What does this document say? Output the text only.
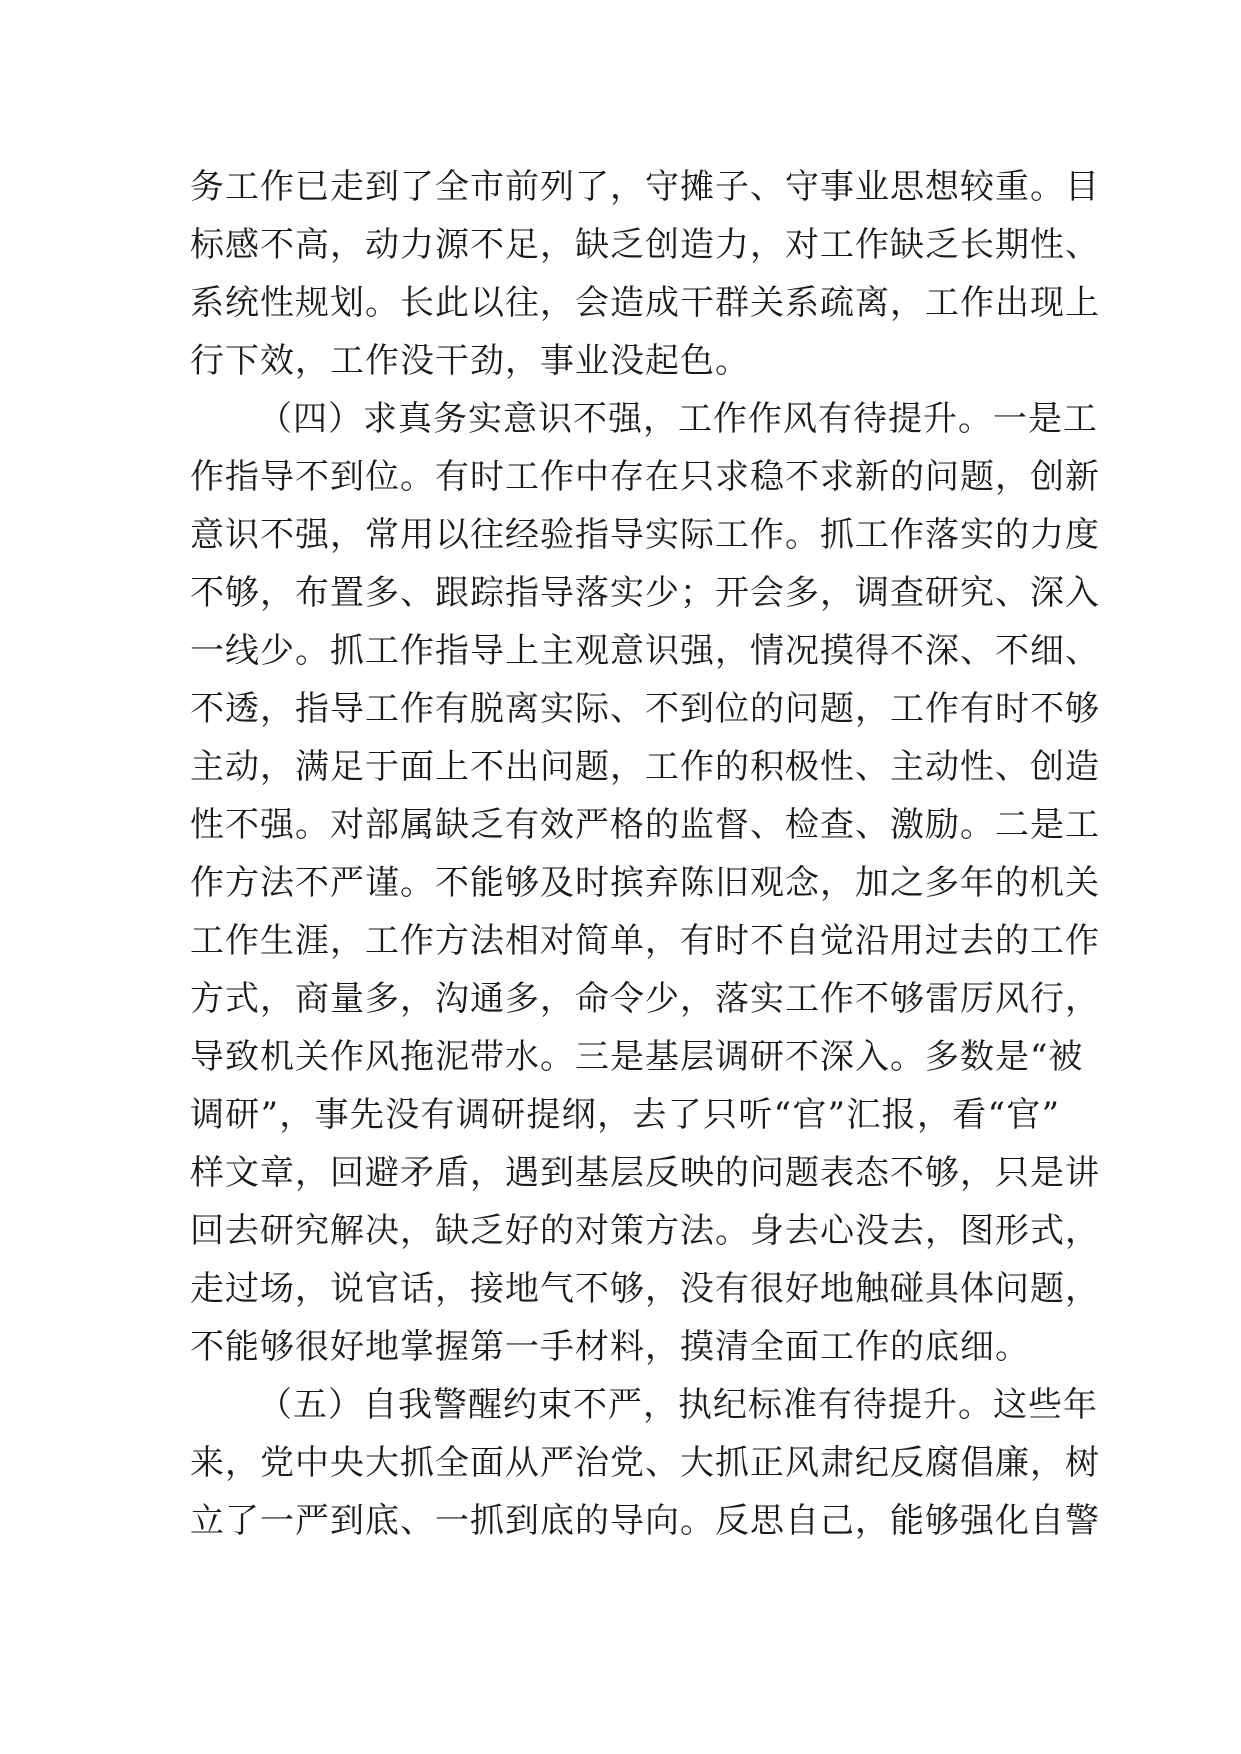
务工作已走到了全市前列了，守摊子、守事业思想较重。目
标感不高，动力源不足，缺乏创造力，对工作缺乏长期性、
系统性规划。长此以往，会造成干群关系疏离，工作出现上
行下效，工作没干劲，事业没起色。
（四）求真务实意识不强，工作作风有待提升。一是工
作指导不到位。有时工作中存在只求稳不求新的问题，创新
意识不强，常用以往经验指导实际工作。抓工作落实的力度
不够，布置多、跟踪指导落实少；开会多，调查研究、深入
一线少。抓工作指导上主观意识强，情况摸得不深、不细、
不透，指导工作有脱离实际、不到位的问题，工作有时不够
主动，满足于面上不出问题，工作的积极性、主动性、创造
性不强。对部属缺乏有效严格的监督、检查、激励。二是工
作方法不严谨。不能够及时摈弃陈旧观念，加之多年的机关
工作生涯，工作方法相对简单，有时不自觉沿用过去的工作
方式，商量多，沟通多，命令少，落实工作不够雷厉风行，
导致机关作风拖泥带水。三是基层调研不深入。多数是“被
调研”，事先没有调研提纲，去了只听“官”汇报，看“官”
样文章，回避矛盾，遇到基层反映的问题表态不够，只是讲
回去研究解决，缺乏好的对策方法。身去心没去，图形式，
走过场，说官话，接地气不够，没有很好地触碰具体问题，
不能够很好地掌握第一手材料，摸清全面工作的底细。
（五）自我警醒约束不严，执纪标准有待提升。这些年
来，党中央大抓全面从严治党、大抓正风肃纪反腐倡廉，树
立了一严到底、一抓到底的导向。反思自己，能够强化自警
